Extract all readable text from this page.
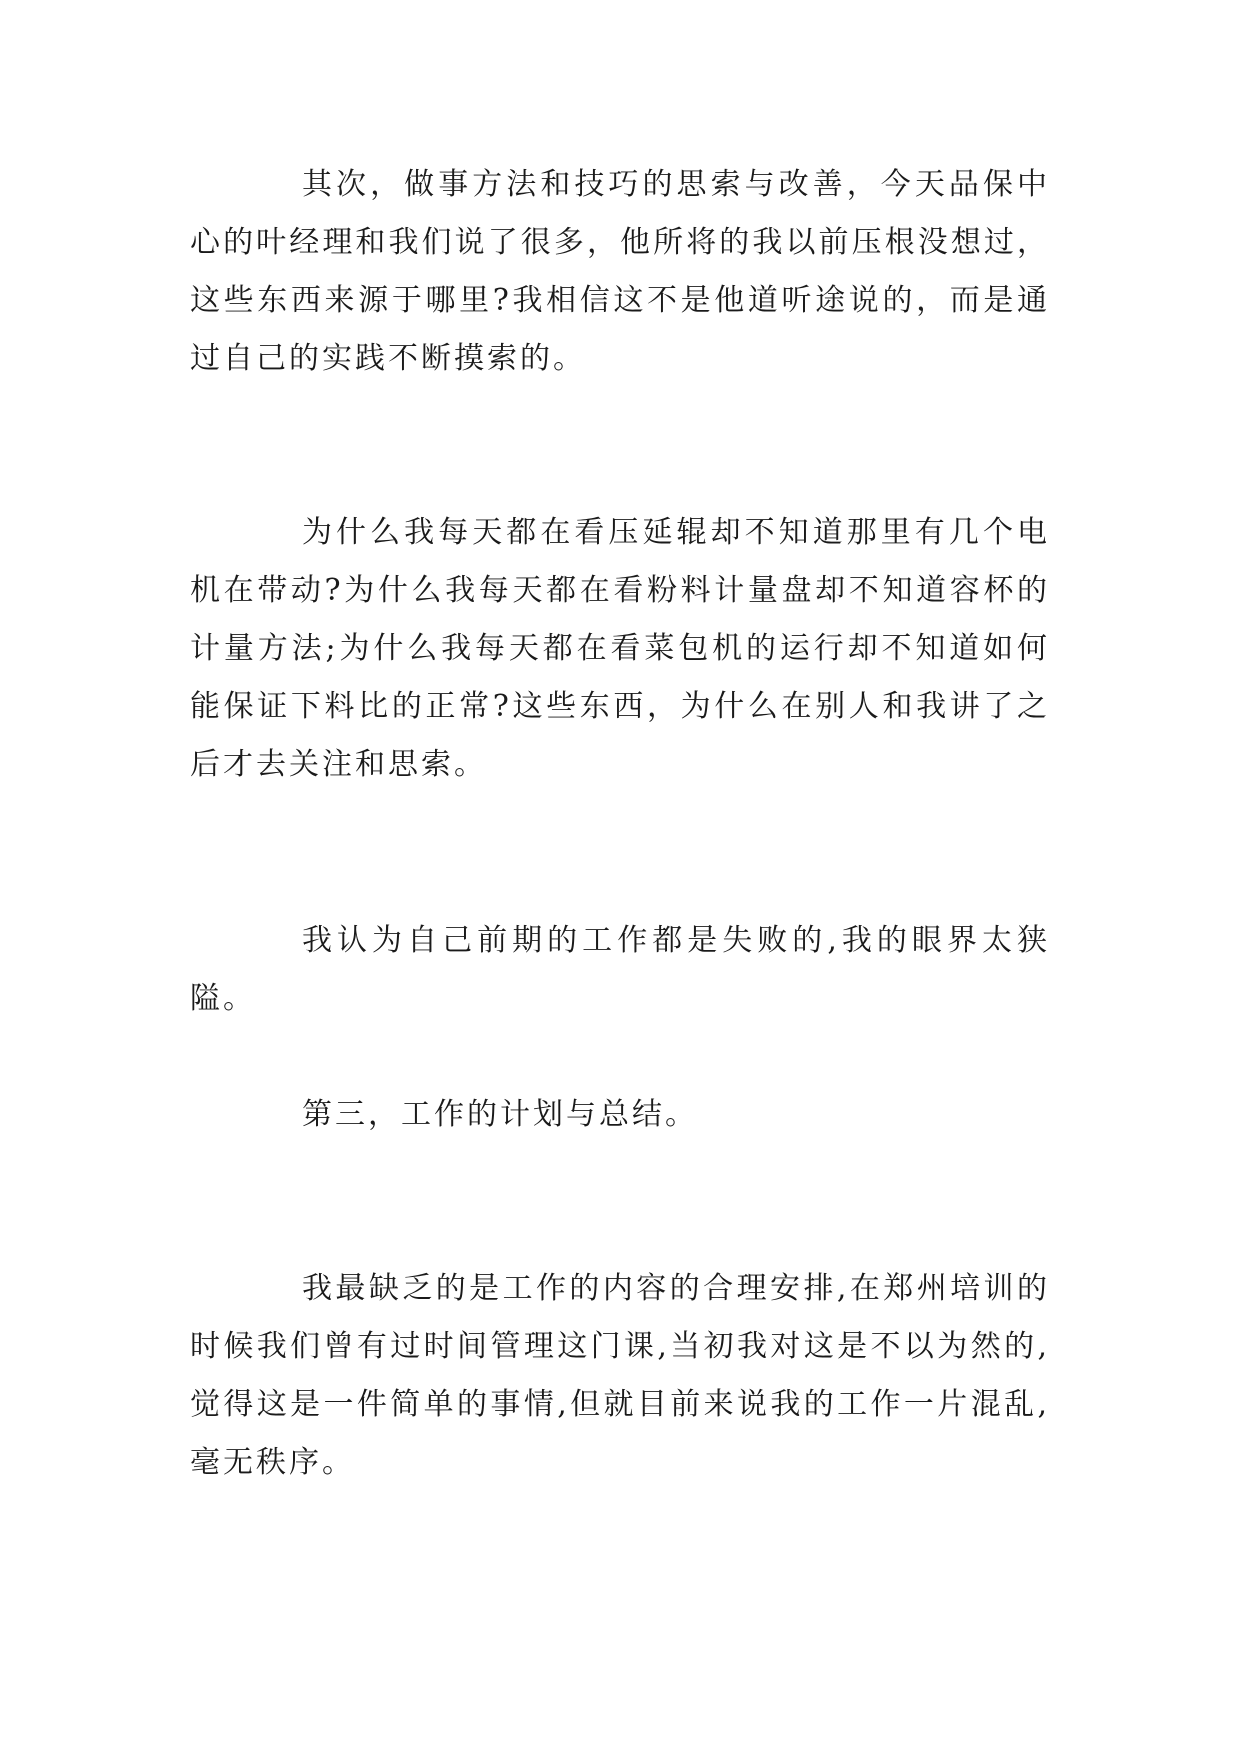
其次，做事方法和技巧的思索与改善，今天品保中心的叶经理和我们说了很多，他所将的我以前压根没想过，这些东西来源于哪里?我相信这不是他道听途说的，而是通过自己的实践不断摸索的。

为什么我每天都在看压延辊却不知道那里有几个电机在带动?为什么我每天都在看粉料计量盘却不知道容杯的计量方法;为什么我每天都在看菜包机的运行却不知道如何能保证下料比的正常?这些东西，为什么在别人和我讲了之后才去关注和思索。

我认为自己前期的工作都是失败的,我的眼界太狭隘。

第三，工作的计划与总结。

我最缺乏的是工作的内容的合理安排,在郑州培训的时候我们曾有过时间管理这门课,当初我对这是不以为然的,觉得这是一件简单的事情,但就目前来说我的工作一片混乱,毫无秩序。
